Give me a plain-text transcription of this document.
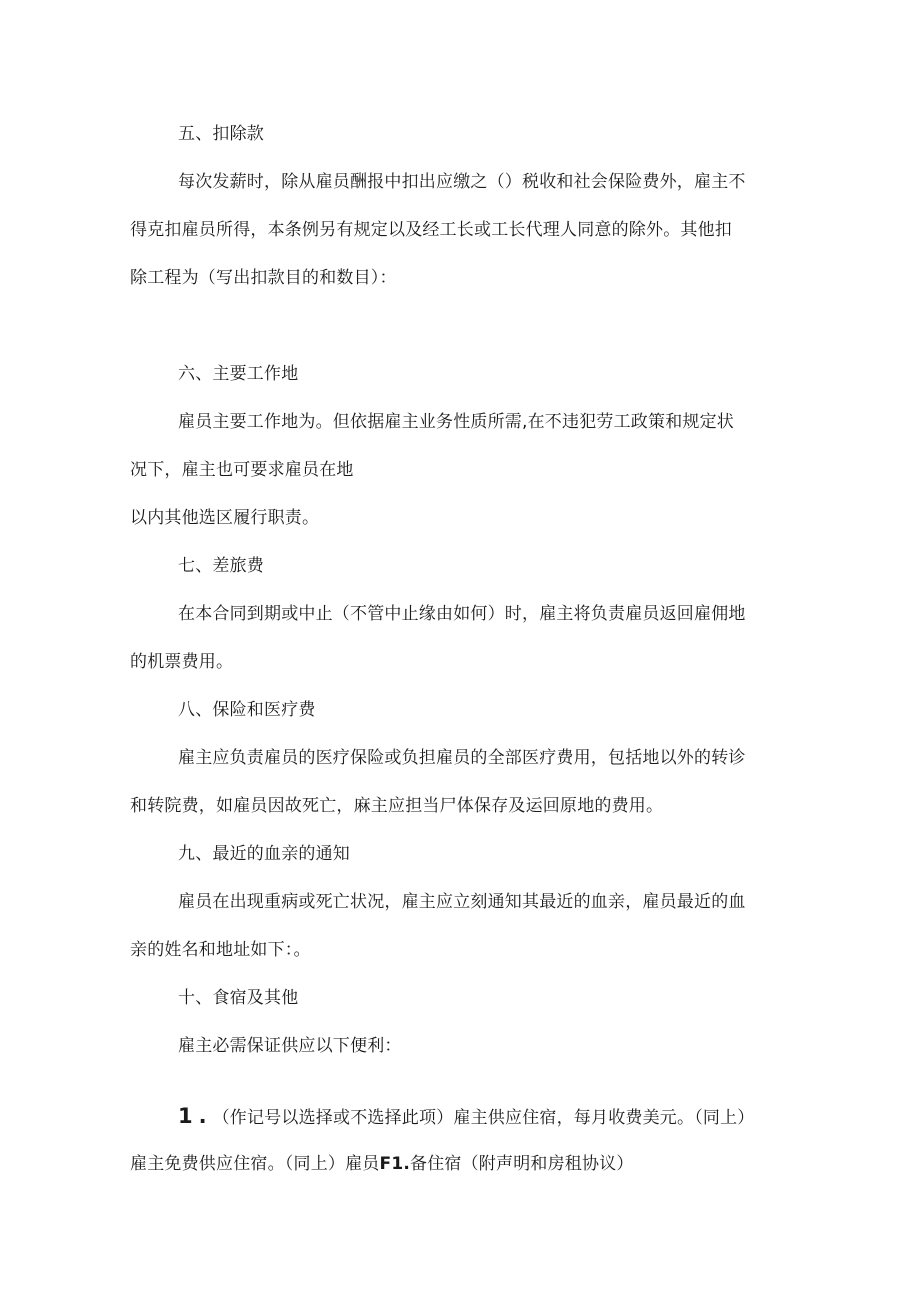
五、扣除款
每次发薪时，除从雇员酬报中扣出应缴之（）税收和社会保险费外，雇主不
得克扣雇员所得，本条例另有规定以及经工长或工长代理人同意的除外。其他扣
除工程为（写出扣款目的和数目）：
六、主要工作地
雇员主要工作地为。但依据雇主业务性质所需,在不违犯劳工政策和规定状
况下，雇主也可要求雇员在地
以内其他选区履行职责。
七、差旅费
在本合同到期或中止（不管中止缘由如何）时，雇主将负责雇员返回雇佣地
的机票费用。
八、保险和医疗费
雇主应负责雇员的医疗保险或负担雇员的全部医疗费用，包括地以外的转诊
和转院费，如雇员因故死亡，麻主应担当尸体保存及运回原地的费用。
九、最近的血亲的通知
雇员在出现重病或死亡状况，雇主应立刻通知其最近的血亲，雇员最近的血
亲的姓名和地址如下：。
十、食宿及其他
雇主必需保证供应以下便利：
1.（作记号以选择或不选择此项）雇主供应住宿，每月收费美元。（同上）
雇主免费供应住宿。（同上）雇员F1.备住宿（附声明和房租协议）
